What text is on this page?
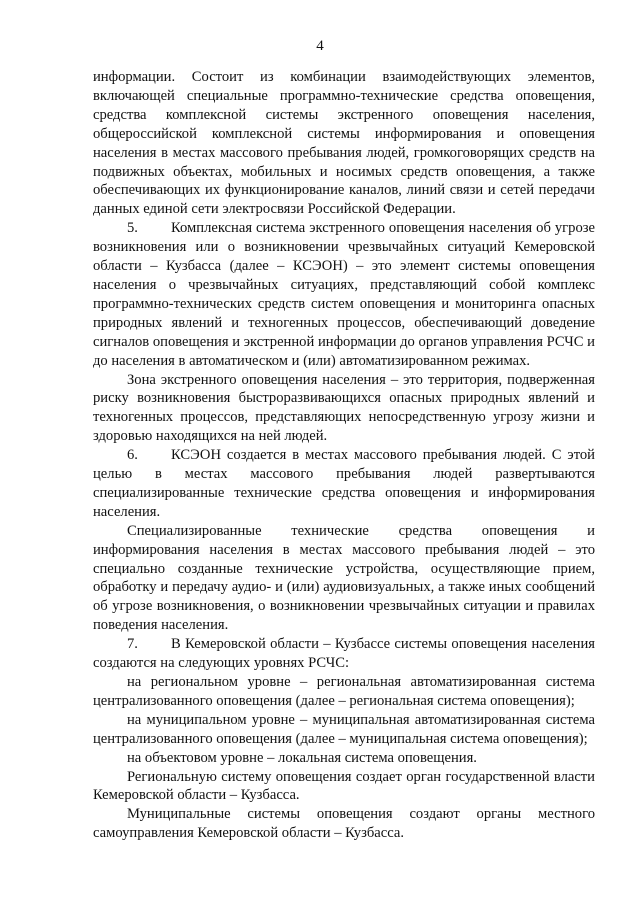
4

информации. Состоит из комбинации взаимодействующих элементов, включающей специальные программно-технические средства оповещения, средства комплексной системы экстренного оповещения населения, общероссийской комплексной системы информирования и оповещения населения в местах массового пребывания людей, громкоговорящих средств на подвижных объектах, мобильных и носимых средств оповещения, а также обеспечивающих их функционирование каналов, линий связи и сетей передачи данных единой сети электросвязи Российской Федерации.

5. Комплексная система экстренного оповещения населения об угрозе возникновения или о возникновении чрезвычайных ситуаций Кемеровской области – Кузбасса (далее – КСЭОН) – это элемент системы оповещения населения о чрезвычайных ситуациях, представляющий собой комплекс программно-технических средств систем оповещения и мониторинга опасных природных явлений и техногенных процессов, обеспечивающий доведение сигналов оповещения и экстренной информации до органов управления РСЧС и до населения в автоматическом и (или) автоматизированном режимах.

Зона экстренного оповещения населения – это территория, подверженная риску возникновения быстроразвивающихся опасных природных явлений и техногенных процессов, представляющих непосредственную угрозу жизни и здоровью находящихся на ней людей.

6. КСЭОН создается в местах массового пребывания людей. С этой целью в местах массового пребывания людей развертываются специализированные технические средства оповещения и информирования населения.

Специализированные технические средства оповещения и информирования населения в местах массового пребывания людей – это специально созданные технические устройства, осуществляющие прием, обработку и передачу аудио- и (или) аудиовизуальных, а также иных сообщений об угрозе возникновения, о возникновении чрезвычайных ситуации и правилах поведения населения.

7. В Кемеровской области – Кузбассе системы оповещения населения создаются на следующих уровнях РСЧС:

на региональном уровне – региональная автоматизированная система централизованного оповещения (далее – региональная система оповещения);

на муниципальном уровне – муниципальная автоматизированная система централизованного оповещения (далее – муниципальная система оповещения);

на объектовом уровне – локальная система оповещения.

Региональную систему оповещения создает орган государственной власти Кемеровской области – Кузбасса.

Муниципальные системы оповещения создают органы местного самоуправления Кемеровской области – Кузбасса.
